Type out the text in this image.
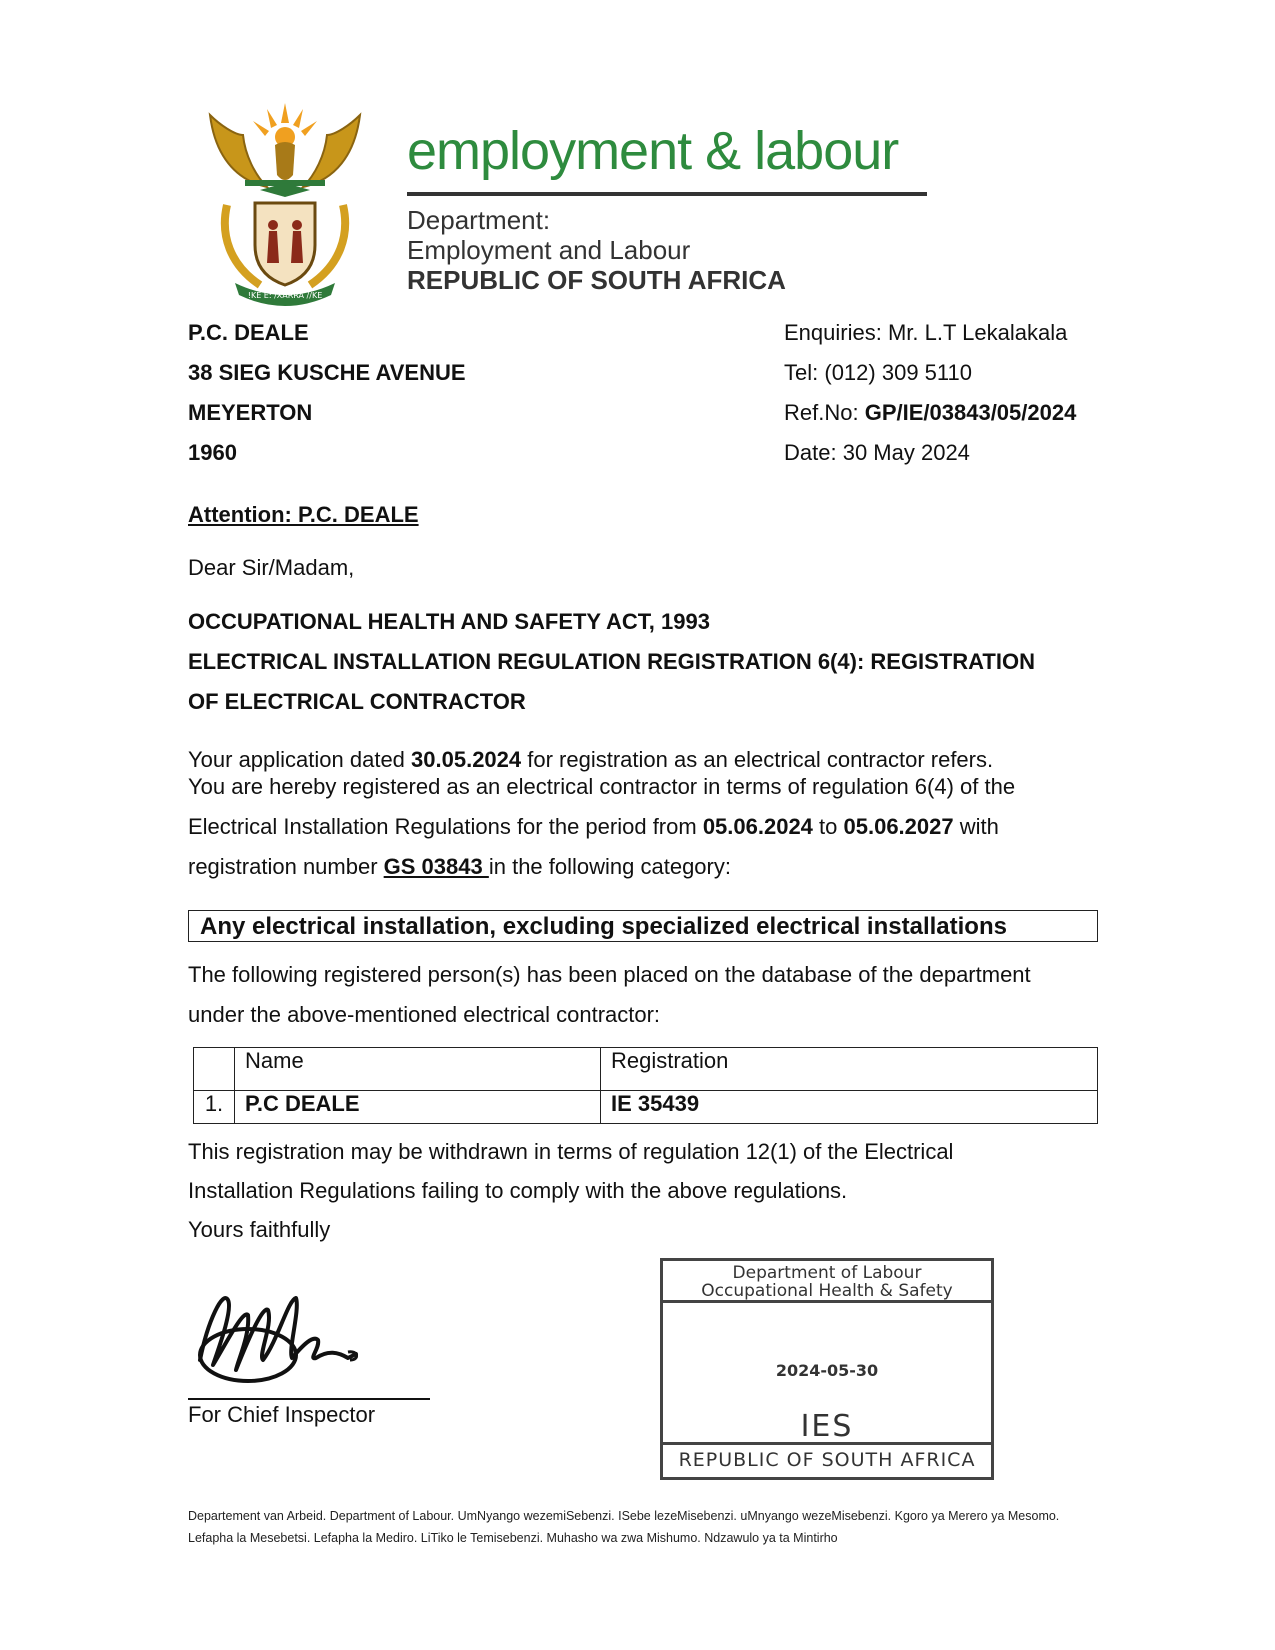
!KE E: /XARRA //KE
employment & labour
Department:
Employment and Labour
REPUBLIC OF SOUTH AFRICA
P.C. DEALE
38 SIEG KUSCHE AVENUE
MEYERTON
1960
Enquiries: Mr. L.T Lekalakala
Tel: (012) 309 5110
Ref.No: GP/IE/03843/05/2024
Date: 30 May 2024
Attention: P.C. DEALE
Dear Sir/Madam,
OCCUPATIONAL HEALTH AND SAFETY ACT, 1993
ELECTRICAL INSTALLATION REGULATION REGISTRATION 6(4): REGISTRATION
OF ELECTRICAL CONTRACTOR
Your application dated 30.05.2024 for registration as an electrical contractor refers.
You are hereby registered as an electrical contractor in terms of regulation 6(4) of the
Electrical Installation Regulations for the period from 05.06.2024 to 05.06.2027 with
registration number GS 03843 in the following category:
Any electrical installation, excluding specialized electrical installations
The following registered person(s) has been placed on the database of the department
under the above-mentioned electrical contractor:
	Name	Registration
1.	P.C DEALE	IE 35439
This registration may be withdrawn in terms of regulation 12(1) of the Electrical
Installation Regulations failing to comply with the above regulations.
Yours faithfully
For Chief Inspector
Department of Labour
Occupational Health & Safety
2024-05-30
IES
REPUBLIC OF SOUTH AFRICA
Departement van Arbeid. Department of Labour. UmNyango wezemiSebenzi. ISebe lezeMisebenzi. uMnyango wezeMisebenzi. Kgoro ya Merero ya Mesomo.
Lefapha la Mesebetsi. Lefapha la Mediro. LiTiko le Temisebenzi. Muhasho wa zwa Mishumo. Ndzawulo ya ta Mintirho
